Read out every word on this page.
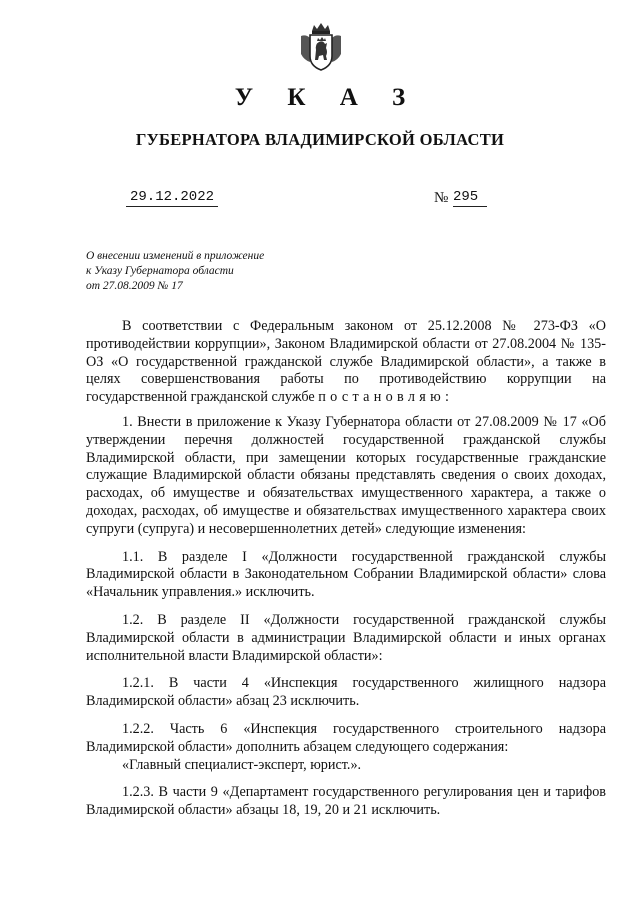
У К А З
ГУБЕРНАТОРА ВЛАДИМИРСКОЙ ОБЛАСТИ
29.12.2022	№ 295
О внесении изменений в приложение
к Указу Губернатора области
от 27.08.2009 № 17

В соответствии с Федеральным законом от 25.12.2008 № 273-ФЗ «О противодействии коррупции», Законом Владимирской области от 27.08.2004 № 135-ОЗ «О государственной гражданской службе Владимирской области», а также в целях совершенствования работы по противодействию коррупции на государственной гражданской службе постановляю:

1. Внести в приложение к Указу Губернатора области от 27.08.2009 № 17 «Об утверждении перечня должностей государственной гражданской службы Владимирской области, при замещении которых государственные гражданские служащие Владимирской области обязаны представлять сведения о своих доходах, расходах, об имуществе и обязательствах имущественного характера, а также о доходах, расходах, об имуществе и обязательствах имущественного характера своих супруги (супруга) и несовершеннолетних детей» следующие изменения:

1.1. В разделе I «Должности государственной гражданской службы Владимирской области в Законодательном Собрании Владимирской области» слова «Начальник управления.» исключить.

1.2. В разделе II «Должности государственной гражданской службы Владимирской области в администрации Владимирской области и иных органах исполнительной власти Владимирской области»:

1.2.1. В части 4 «Инспекция государственного жилищного надзора Владимирской области» абзац 23 исключить.

1.2.2. Часть 6 «Инспекция государственного строительного надзора Владимирской области» дополнить абзацем следующего содержания:

«Главный специалист-эксперт, юрист.».

1.2.3. В части 9 «Департамент государственного регулирования цен и тарифов Владимирской области» абзацы 18, 19, 20 и 21 исключить.
